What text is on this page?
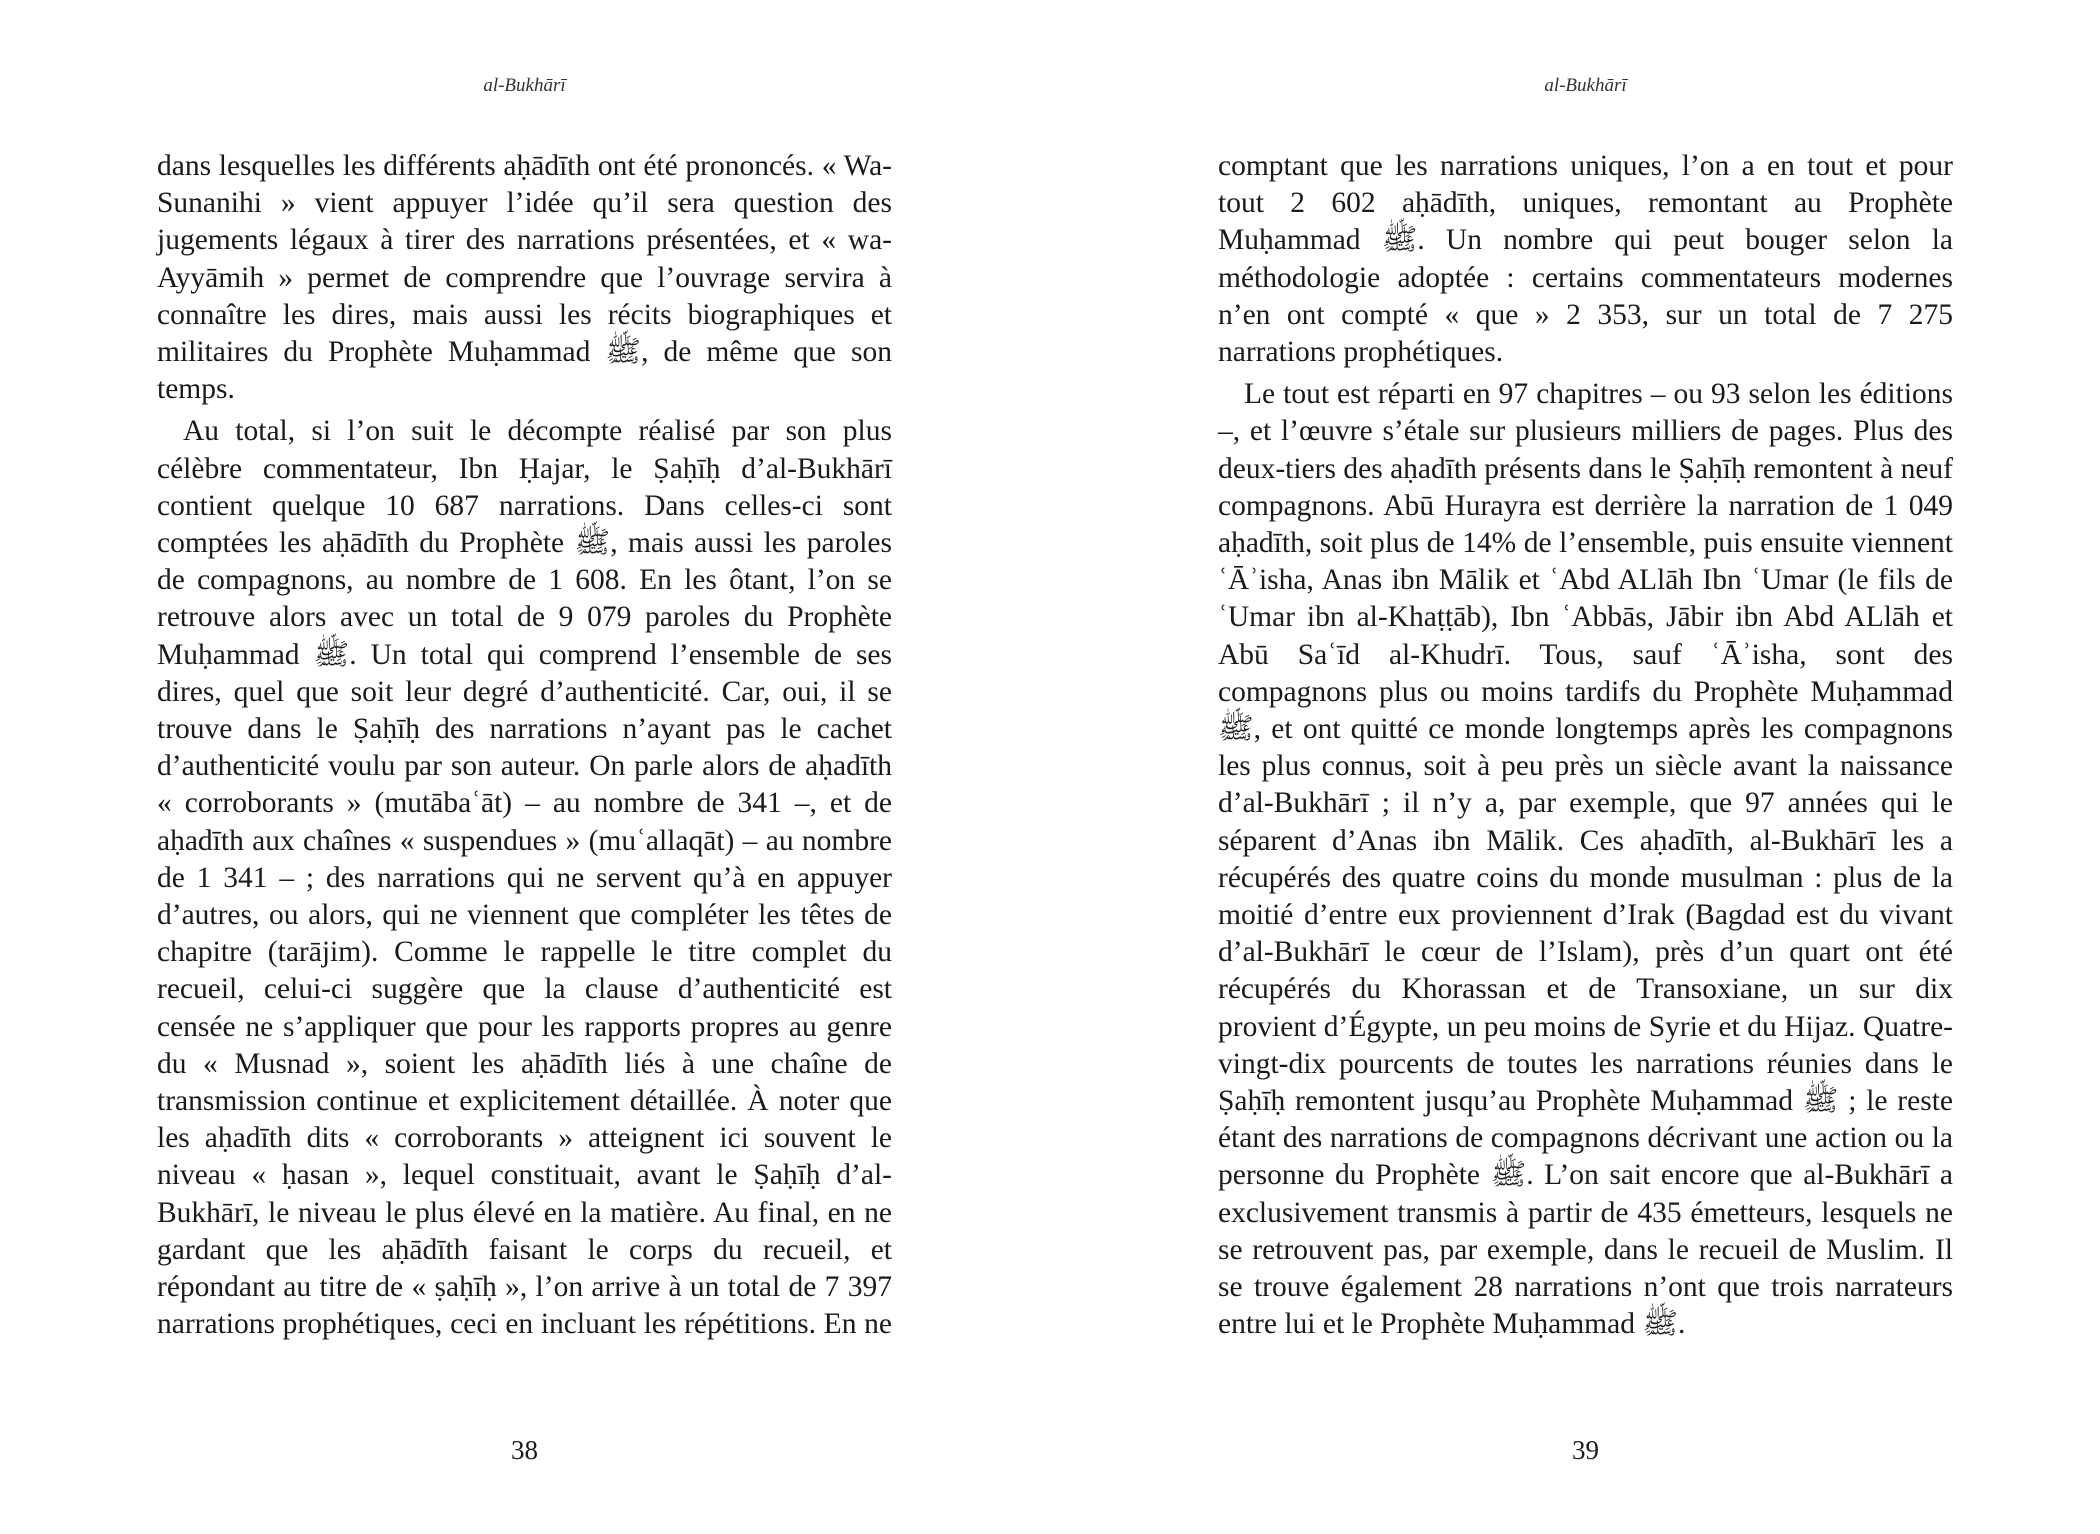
al-Bukhārī

dans lesquelles les différents aḥādīth ont été prononcés. « Wa-Sunanihi » vient appuyer l’idée qu’il sera question des jugements légaux à tirer des narrations présentées, et « wa-Ayyāmih » permet de comprendre que l’ouvrage servira à connaître les dires, mais aussi les récits biographiques et militaires du Prophète Muḥammad ﷺ, de même que son temps.

Au total, si l’on suit le décompte réalisé par son plus célèbre commentateur, Ibn Ḥajar, le Ṣaḥīḥ d’al-Bukhārī contient quelque 10 687 narrations. Dans celles-ci sont comptées les aḥādīth du Prophète ﷺ, mais aussi les paroles de compagnons, au nombre de 1 608. En les ôtant, l’on se retrouve alors avec un total de 9 079 paroles du Prophète Muḥammad ﷺ. Un total qui comprend l’ensemble de ses dires, quel que soit leur degré d’authenticité. Car, oui, il se trouve dans le Ṣaḥīḥ des narrations n’ayant pas le cachet d’authenticité voulu par son auteur. On parle alors de aḥadīth « corroborants » (mutābaʿāt) – au nombre de 341 –, et de aḥadīth aux chaînes « suspendues » (muʿallaqāt) – au nombre de 1 341 – ; des narrations qui ne servent qu’à en appuyer d’autres, ou alors, qui ne viennent que compléter les têtes de chapitre (tarājim). Comme le rappelle le titre complet du recueil, celui-ci suggère que la clause d’authenticité est censée ne s’appliquer que pour les rapports propres au genre du « Musnad », soient les aḥādīth liés à une chaîne de transmission continue et explicitement détaillée. À noter que les aḥadīth dits « corroborants » atteignent ici souvent le niveau « ḥasan », lequel constituait, avant le Ṣaḥīḥ d’al-Bukhārī, le niveau le plus élevé en la matière. Au final, en ne gardant que les aḥādīth faisant le corps du recueil, et répondant au titre de « ṣaḥīḥ », l’on arrive à un total de 7 397 narrations prophétiques, ceci en incluant les répétitions. En ne

38
al-Bukhārī

comptant que les narrations uniques, l’on a en tout et pour tout 2 602 aḥādīth, uniques, remontant au Prophète Muḥammad ﷺ. Un nombre qui peut bouger selon la méthodologie adoptée : certains commentateurs modernes n’en ont compté « que » 2 353, sur un total de 7 275 narrations prophétiques.

Le tout est réparti en 97 chapitres – ou 93 selon les éditions –, et l’œuvre s’étale sur plusieurs milliers de pages. Plus des deux-tiers des aḥadīth présents dans le Ṣaḥīḥ remontent à neuf compagnons. Abū Hurayra est derrière la narration de 1 049 aḥadīth, soit plus de 14% de l’ensemble, puis ensuite viennent ʿĀʾisha, Anas ibn Mālik et ʿAbd ALlāh Ibn ʿUmar (le fils de ʿUmar ibn al-Khaṭṭāb), Ibn ʿAbbās, Jābir ibn Abd ALlāh et Abū Saʿīd al-Khudrī. Tous, sauf ʿĀʾisha, sont des compagnons plus ou moins tardifs du Prophète Muḥammad ﷺ, et ont quitté ce monde longtemps après les compagnons les plus connus, soit à peu près un siècle avant la naissance d’al-Bukhārī ; il n’y a, par exemple, que 97 années qui le séparent d’Anas ibn Mālik. Ces aḥadīth, al-Bukhārī les a récupérés des quatre coins du monde musulman : plus de la moitié d’entre eux proviennent d’Irak (Bagdad est du vivant d’al-Bukhārī le cœur de l’Islam), près d’un quart ont été récupérés du Khorassan et de Transoxiane, un sur dix provient d’Égypte, un peu moins de Syrie et du Hijaz. Quatre-vingt-dix pourcents de toutes les narrations réunies dans le Ṣaḥīḥ remontent jusqu’au Prophète Muḥammad ﷺ ; le reste étant des narrations de compagnons décrivant une action ou la personne du Prophète ﷺ. L’on sait encore que al-Bukhārī a exclusivement transmis à partir de 435 émetteurs, lesquels ne se retrouvent pas, par exemple, dans le recueil de Muslim. Il se trouve également 28 narrations n’ont que trois narrateurs entre lui et le Prophète Muḥammad ﷺ.

39
